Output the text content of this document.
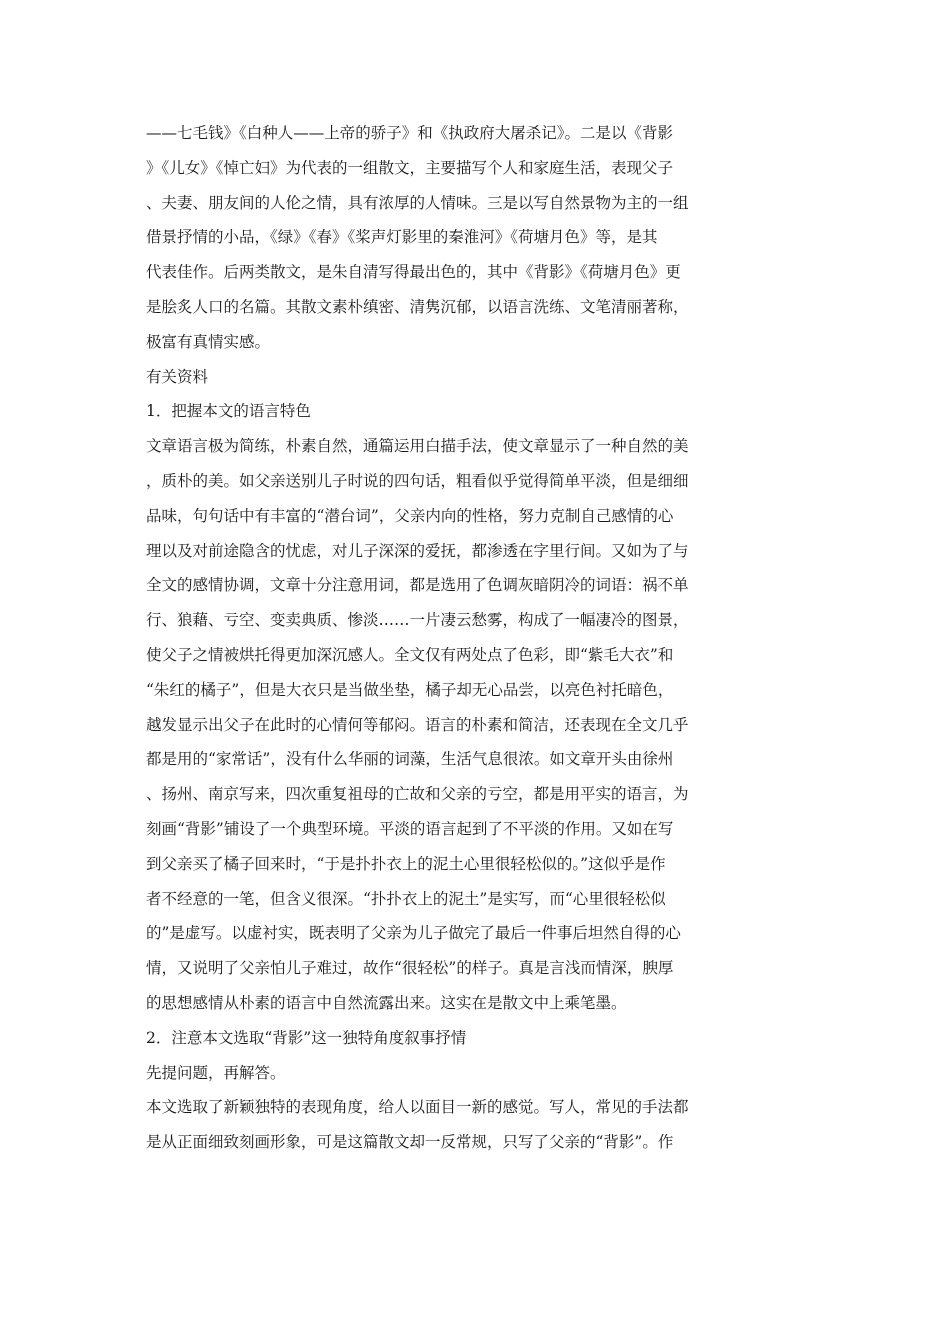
——七毛钱》《白种人——上帝的骄子》和《执政府大屠杀记》。二是以《背影
》《儿女》《悼亡妇》为代表的一组散文，主要描写个人和家庭生活，表现父子
、夫妻、朋友间的人伦之情，具有浓厚的人情味。三是以写自然景物为主的一组
借景抒情的小品，《绿》《春》《桨声灯影里的秦淮河》《荷塘月色》等，是其
代表佳作。后两类散文，是朱自清写得最出色的，其中《背影》《荷塘月色》更
是脍炙人口的名篇。其散文素朴缜密、清隽沉郁，以语言洗练、文笔清丽著称，
极富有真情实感。
有关资料
1．把握本文的语言特色
文章语言极为简练，朴素自然，通篇运用白描手法，使文章显示了一种自然的美
，质朴的美。如父亲送别儿子时说的四句话，粗看似乎觉得简单平淡，但是细细
品味，句句话中有丰富的“潜台词”，父亲内向的性格，努力克制自己感情的心
理以及对前途隐含的忧虑，对儿子深深的爱抚，都渗透在字里行间。又如为了与
全文的感情协调，文章十分注意用词，都是选用了色调灰暗阴冷的词语：祸不单
行、狼藉、亏空、变卖典质、惨淡……一片凄云愁雾，构成了一幅凄冷的图景，
使父子之情被烘托得更加深沉感人。全文仅有两处点了色彩，即“紫毛大衣”和
“朱红的橘子”，但是大衣只是当做坐垫，橘子却无心品尝，以亮色衬托暗色，
越发显示出父子在此时的心情何等郁闷。语言的朴素和简洁，还表现在全文几乎
都是用的“家常话”，没有什么华丽的词藻，生活气息很浓。如文章开头由徐州
、扬州、南京写来，四次重复祖母的亡故和父亲的亏空，都是用平实的语言，为
刻画“背影”铺设了一个典型环境。平淡的语言起到了不平淡的作用。又如在写
到父亲买了橘子回来时，“于是扑扑衣上的泥土心里很轻松似的。”这似乎是作
者不经意的一笔，但含义很深。“扑扑衣上的泥土”是实写，而“心里很轻松似
的”是虚写。以虚衬实，既表明了父亲为儿子做完了最后一件事后坦然自得的心
情，又说明了父亲怕儿子难过，故作“很轻松”的样子。真是言浅而情深，腴厚
的思想感情从朴素的语言中自然流露出来。这实在是散文中上乘笔墨。
2．注意本文选取“背影”这一独特角度叙事抒情
先提问题，再解答。
本文选取了新颖独特的表现角度，给人以面目一新的感觉。写人，常见的手法都
是从正面细致刻画形象，可是这篇散文却一反常规，只写了父亲的“背影”。作
